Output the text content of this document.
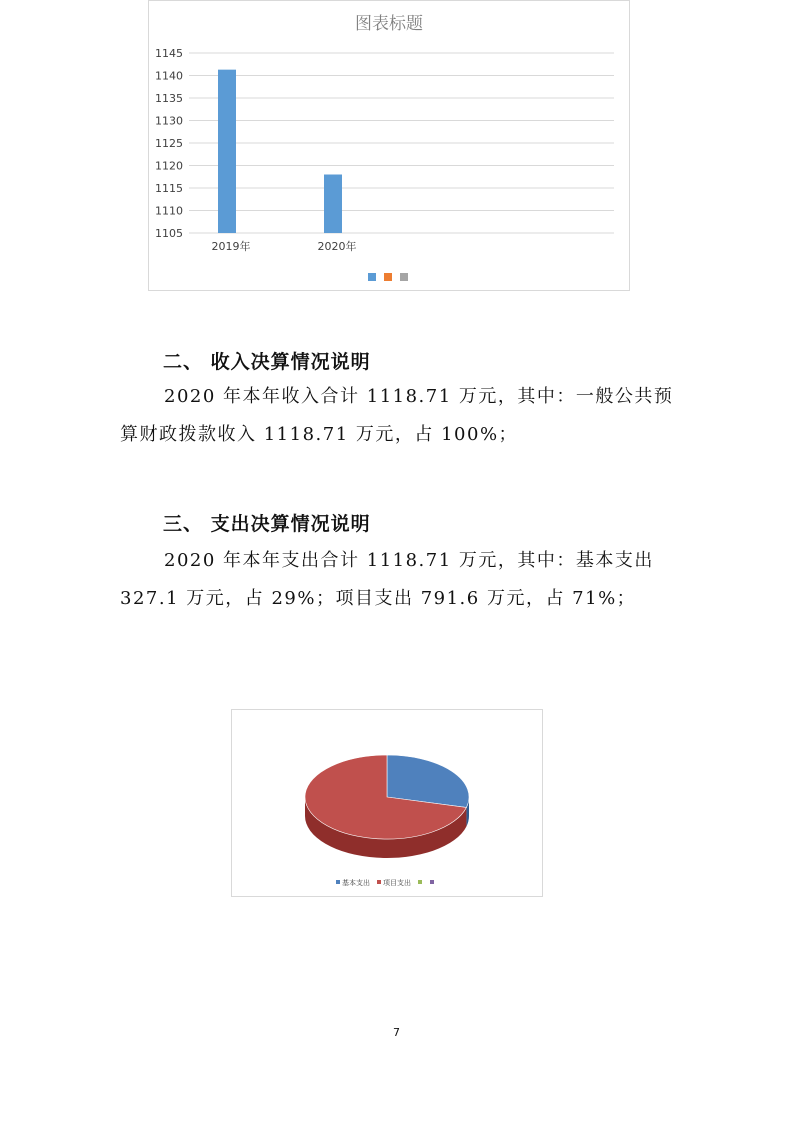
图表标题
1145
1140
1135
1130
1125
1120
1115
1110
1105
2019年	2020年
二、 收入决算情况说明

2020 年本年收入合计 1118.71 万元，其中：一般公共预算财政拨款收入 1118.71 万元，占 100%；

三、 支出决算情况说明

2020 年本年支出合计 1118.71 万元，其中：基本支出 327.1 万元，占 29%；项目支出 791.6 万元，占 71%；

基本支出 项目支出
7
